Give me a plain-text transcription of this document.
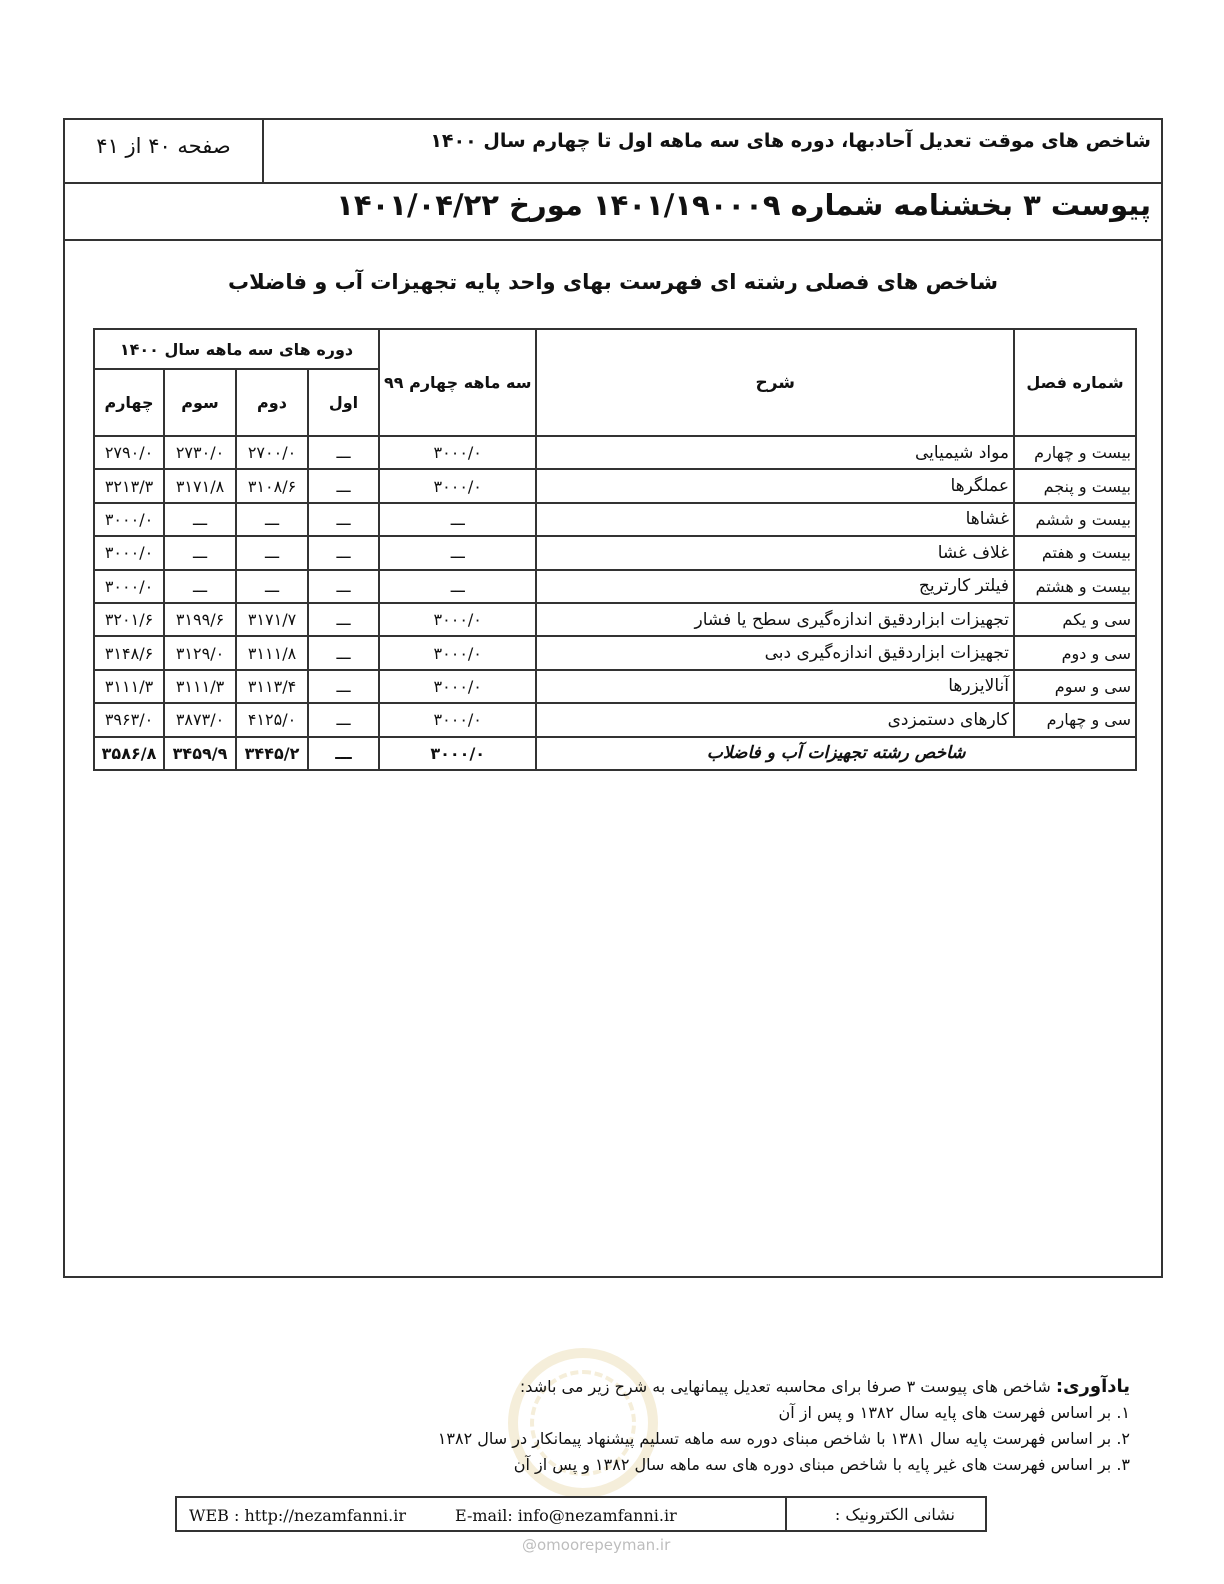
شاخص های موقت تعدیل آحادبها، دوره های سه ماهه اول تا چهارم سال ۱۴۰۰
صفحه ۴۰ از ۴۱
پیوست ۳ بخشنامه شماره ۱۴۰۱/۱۹۰۰۰۹ مورخ ۱۴۰۱/۰۴/۲۲
شاخص های فصلی رشته ای فهرست بهای واحد پایه تجهیزات آب و فاضلاب
شماره فصل	شرح	سه ماهه چهارم ۹۹	دوره های سه ماهه سال ۱۴۰۰			
			اول	دوم	سوم	چهارم
بیست و چهارم	مواد شیمیایی	۳۰۰۰/۰	ـــ	۲۷۰۰/۰	۲۷۳۰/۰	۲۷۹۰/۰
بیست و پنجم	عملگرها	۳۰۰۰/۰	ـــ	۳۱۰۸/۶	۳۱۷۱/۸	۳۲۱۳/۳
بیست و ششم	غشاها	ـــ	ـــ	ـــ	ـــ	۳۰۰۰/۰
بیست و هفتم	غلاف غشا	ـــ	ـــ	ـــ	ـــ	۳۰۰۰/۰
بیست و هشتم	فیلتر کارتریج	ـــ	ـــ	ـــ	ـــ	۳۰۰۰/۰
سی و یکم	تجهیزات ابزاردقیق اندازه‌گیری سطح یا فشار	۳۰۰۰/۰	ـــ	۳۱۷۱/۷	۳۱۹۹/۶	۳۲۰۱/۶
سی و دوم	تجهیزات ابزاردقیق اندازه‌گیری دبی	۳۰۰۰/۰	ـــ	۳۱۱۱/۸	۳۱۲۹/۰	۳۱۴۸/۶
سی و سوم	آنالایزرها	۳۰۰۰/۰	ـــ	۳۱۱۳/۴	۳۱۱۱/۳	۳۱۱۱/۳
سی و چهارم	کارهای دستمزدی	۳۰۰۰/۰	ـــ	۴۱۲۵/۰	۳۸۷۳/۰	۳۹۶۳/۰
شاخص رشته تجهیزات آب و فاضلاب		۳۰۰۰/۰	ـــ	۳۴۴۵/۲	۳۴۵۹/۹	۳۵۸۶/۸
یادآوری: شاخص های پیوست ۳ صرفا برای محاسبه تعدیل پیمانهایی به شرح زیر می باشد:
۱. بر اساس فهرست های پایه سال ۱۳۸۲ و پس از آن
۲. بر اساس فهرست پایه سال ۱۳۸۱ با شاخص مبنای دوره سه ماهه تسلیم پیشنهاد پیمانکار در سال ۱۳۸۲
۳. بر اساس فهرست های غیر پایه با شاخص مبنای دوره های سه ماهه سال ۱۳۸۲ و پس از آن
نشانی الکترونیک :
WEB : http://nezamfanni.ir	E-mail: info@nezamfanni.ir
@omoorepeyman.ir
